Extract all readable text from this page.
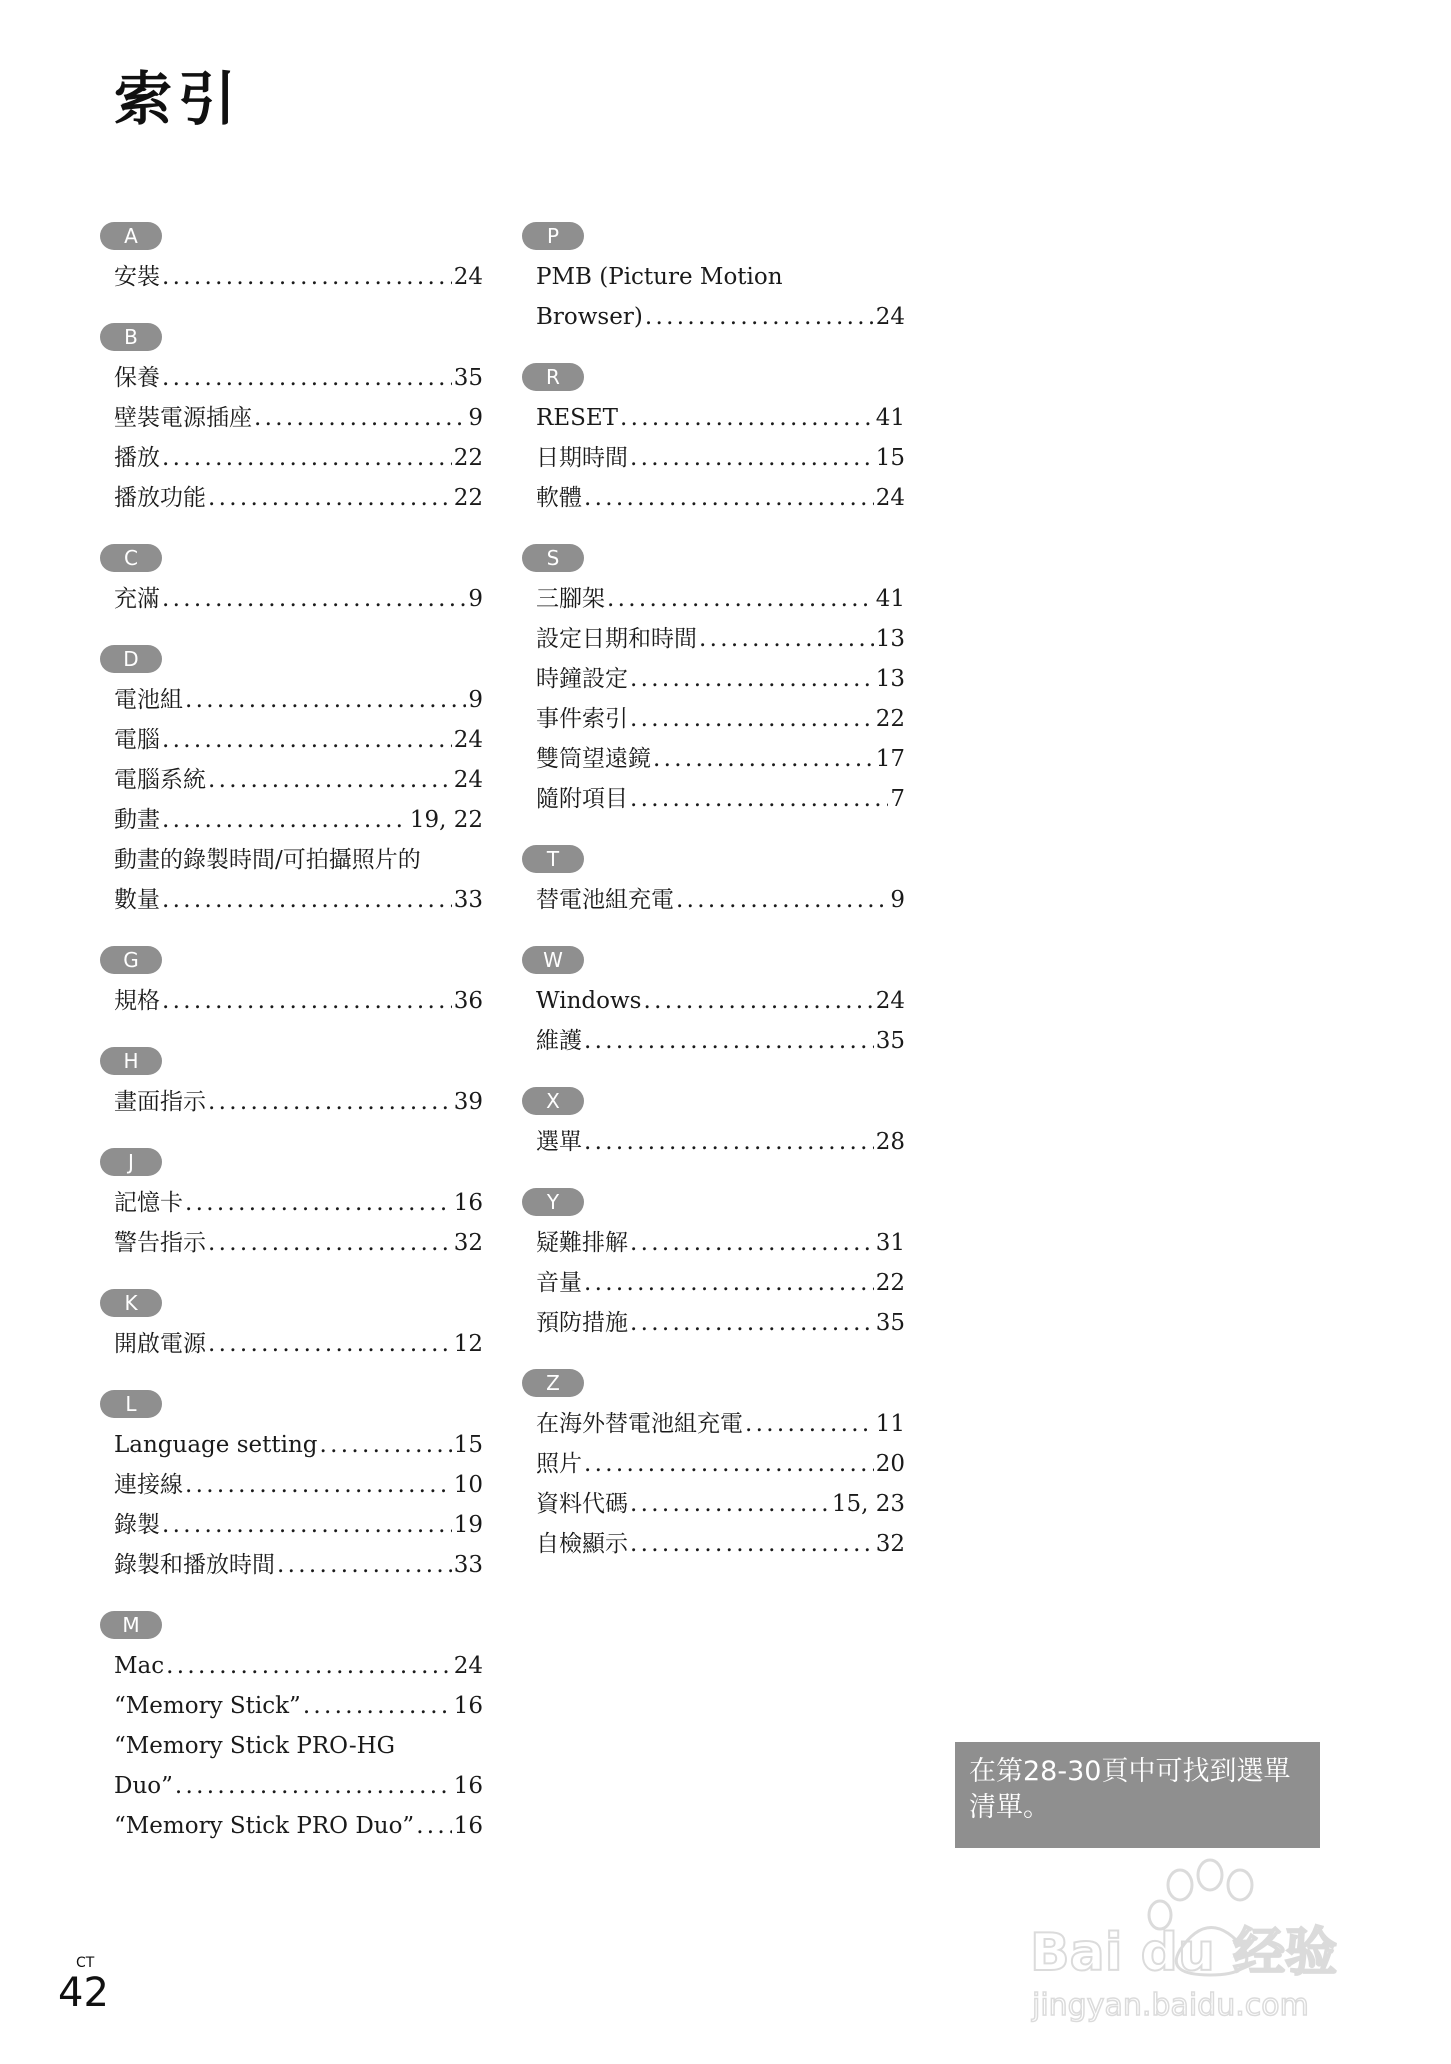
索引
A
安裝 . . .	24
B
保養 . . .	35
壁裝電源插座 . . .	9
播放 . . .	22
播放功能 . . .	22
C
充滿 . . .	9
D
電池組 . . .	9
電腦 . . .	24
電腦系統 . . .	24
動畫 . . .	19, 22
動畫的錄製時間/可拍攝照片的
數量 . . .	33
G
規格 . . .	36
H
畫面指示 . . .	39
J
記憶卡 . . .	16
警告指示 . . .	32
K
開啟電源 . . .	12
L
Language setting . . .	15
連接線 . . .	10
錄製 . . .	19
錄製和播放時間 . . .	33
M
Mac . . .	24
“Memory Stick” . . .	16
“Memory Stick PRO-HG
Duo” . . .	16
“Memory Stick PRO Duo” . . . 16
P
PMB (Picture Motion
Browser) . . .	24
R
RESET . . .	41
日期時間 . . .	15
軟體 . . .	24
S
三腳架 . . .	41
設定日期和時間 . . .	13
時鐘設定 . . .	13
事件索引 . . .	22
雙筒望遠鏡 . . .	17
隨附項目 . . .	7
T
替電池組充電 . . .	9
W
Windows . . .	24
維護 . . .	35
X
選單 . . .	28
Y
疑難排解 . . .	31
音量 . . .	22
預防措施 . . .	35
Z
在海外替電池組充電 . . .	11
照片 . . .	20
資料代碼 . . .	15, 23
自檢顯示 . . .	32
在第28-30頁中可找到選單清單。
CT
42
Bai du 经验
jingyan.baidu.com
